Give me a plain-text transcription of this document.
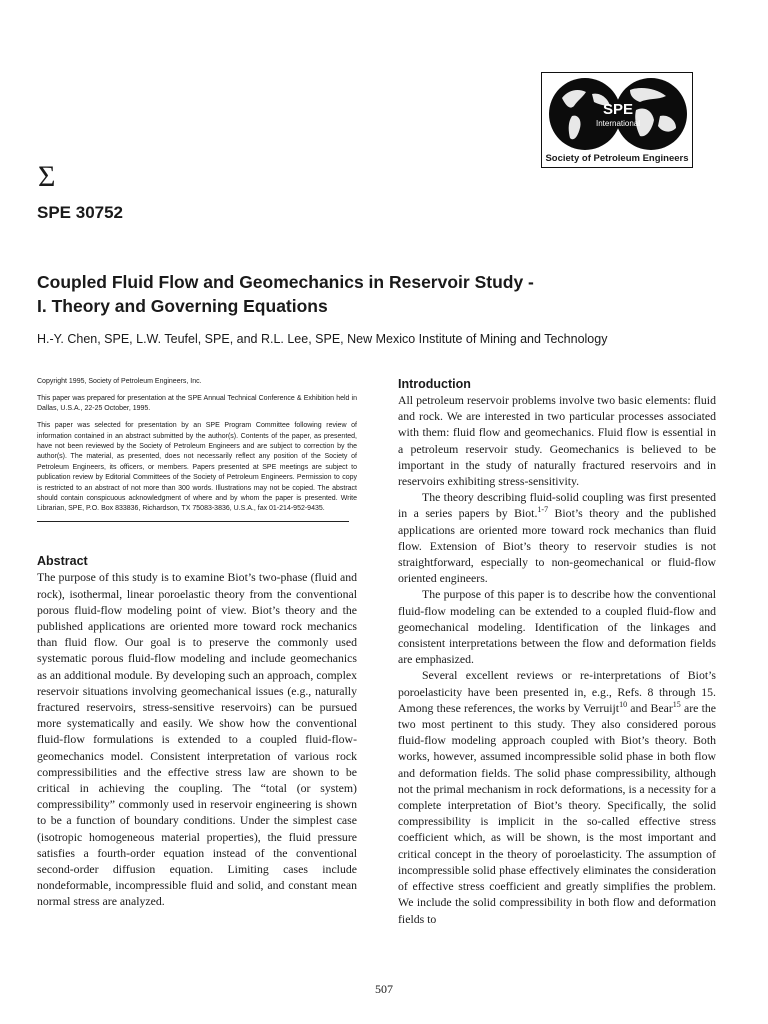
SPE
International
Society of Petroleum Engineers
Σ
SPE 30752
Coupled Fluid Flow and Geomechanics in Reservoir Study -
I. Theory and Governing Equations
H.-Y. Chen, SPE, L.W. Teufel, SPE, and R.L. Lee, SPE, New Mexico Institute of Mining and Technology

Copyright 1995, Society of Petroleum Engineers, Inc.

This paper was prepared for presentation at the SPE Annual Technical Conference & Exhibition held in Dallas, U.S.A., 22-25 October, 1995.

This paper was selected for presentation by an SPE Program Committee following review of information contained in an abstract submitted by the author(s). Contents of the paper, as presented, have not been reviewed by the Society of Petroleum Engineers and are subject to correction by the author(s). The material, as presented, does not necessarily reflect any position of the Society of Petroleum Engineers, its officers, or members. Papers presented at SPE meetings are subject to publication review by Editorial Committees of the Society of Petroleum Engineers. Permission to copy is restricted to an abstract of not more than 300 words. Illustrations may not be copied. The abstract should contain conspicuous acknowledgment of where and by whom the paper is presented. Write Librarian, SPE, P.O. Box 833836, Richardson, TX 75083-3836, U.S.A., fax 01-214-952-9435.

Abstract

The purpose of this study is to examine Biot’s two-phase (fluid and rock), isothermal, linear poroelastic theory from the conventional porous fluid-flow modeling point of view. Biot’s theory and the published applications are oriented more toward rock mechanics than fluid flow. Our goal is to preserve the commonly used systematic porous fluid-flow modeling and include geomechanics as an additional module. By developing such an approach, complex reservoir situations involving geomechanical issues (e.g., naturally fractured reservoirs, stress-sensitive reservoirs) can be pursued more systematically and easily. We show how the conventional fluid-flow formulations is extended to a coupled fluid-flow-geomechanics model. Consistent interpretation of various rock compressibilities and the effective stress law are shown to be critical in achieving the coupling. The “total (or system) compressibility” commonly used in reservoir engineering is shown to be a function of boundary conditions. Under the simplest case (isotropic homogeneous material properties), the fluid pressure satisfies a fourth-order equation instead of the conventional second-order diffusion equation. Limiting cases include nondeformable, incompressible fluid and solid, and constant mean normal stress are analyzed.

Introduction

All petroleum reservoir problems involve two basic elements: fluid and rock. We are interested in two particular processes associated with them: fluid flow and geomechanics. Fluid flow is essential in a petroleum reservoir study. Geomechanics is believed to be important in the study of naturally fractured reservoirs and in reservoirs exhibiting stress-sensitivity.

The theory describing fluid-solid coupling was first presented in a series papers by Biot.$^{1-7}$ Biot’s theory and the published applications are oriented more toward rock mechanics than fluid flow. Extension of Biot’s theory to reservoir studies is not straightforward, especially to non-geomechanical or fluid-flow oriented engineers.

The purpose of this paper is to describe how the conventional fluid-flow modeling can be extended to a coupled fluid-flow and geomechanical modeling. Identification of the linkages and consistent interpretations between the flow and deformation fields are emphasized.

Several excellent reviews or re-interpretations of Biot’s poroelasticity have been presented in, e.g., Refs. 8 through 15. Among these references, the works by Verruijt$^{10}$ and Bear$^{15}$ are the two most pertinent to this study. They also considered porous fluid-flow modeling approach coupled with Biot’s theory. Both works, however, assumed incompressible solid phase in both flow and deformation fields. The solid phase compressibility, although not the primal mechanism in rock deformations, is a necessity for a complete interpretation of Biot’s theory. Specifically, the solid compressibility is implicit in the so-called effective stress coefficient which, as will be shown, is the most important and critical concept in the theory of poroelasticity. The assumption of incompressible solid phase effectively eliminates the consideration of effective stress coefficient and greatly simplifies the problem. We include the solid compressibility in both flow and deformation fields to

507
